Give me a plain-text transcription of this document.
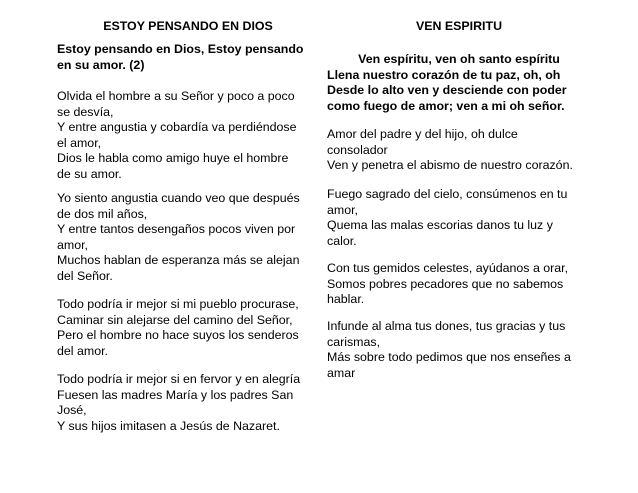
ESTOY PENSANDO EN DIOS	VEN ESPIRITU
Estoy pensando en Dios, Estoy pensando
en su amor. (2)
Olvida el hombre a su Señor y poco a poco
se desvía,
Y entre angustia y cobardía va perdiéndose
el amor,
Dios le habla como amigo huye el hombre
de su amor.
Yo siento angustia cuando veo que después
de dos mil años,
Y entre tantos desengaños pocos viven por
amor,
Muchos hablan de esperanza más se alejan
del Señor.
Todo podría ir mejor si mi pueblo procurase,
Caminar sin alejarse del camino del Señor,
Pero el hombre no hace suyos los senderos
del amor.
Todo podría ir mejor si en fervor y en alegría
Fuesen las madres María y los padres San
José,
Y sus hijos imitasen a Jesús de Nazaret.
Ven espíritu, ven oh santo espíritu
Llena nuestro corazón de tu paz, oh, oh
Desde lo alto ven y desciende con poder
como fuego de amor; ven a mi oh señor.
Amor del padre y del hijo, oh dulce
consolador
Ven y penetra el abismo de nuestro corazón.
Fuego sagrado del cielo, consúmenos en tu
amor,
Quema las malas escorias danos tu luz y
calor.
Con tus gemidos celestes, ayúdanos a orar,
Somos pobres pecadores que no sabemos
hablar.
Infunde al alma tus dones, tus gracias y tus
carismas,
Más sobre todo pedimos que nos enseñes a
amar
